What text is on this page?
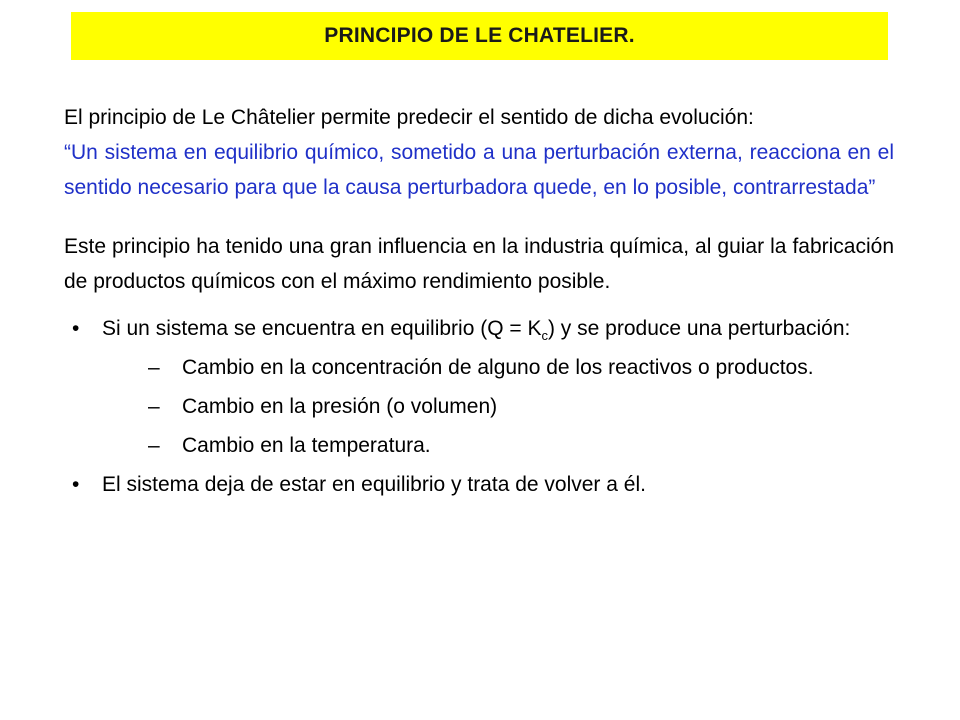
PRINCIPIO DE LE CHATELIER.

El principio de Le Châtelier permite predecir el sentido de dicha evolución:

“Un sistema en equilibrio químico, sometido a una perturbación externa, reacciona en el sentido necesario para que la causa perturbadora quede, en lo posible, contrarrestada”

Este principio ha tenido una gran influencia en la industria química, al guiar la fabricación de productos químicos con el máximo rendimiento posible.

• Si un sistema se encuentra en equilibrio $(Q = K_c)$ y se produce una perturbación:
– Cambio en la concentración de alguno de los reactivos o productos.
– Cambio en la presión (o volumen)
– Cambio en la temperatura.
• El sistema deja de estar en equilibrio y trata de volver a él.
